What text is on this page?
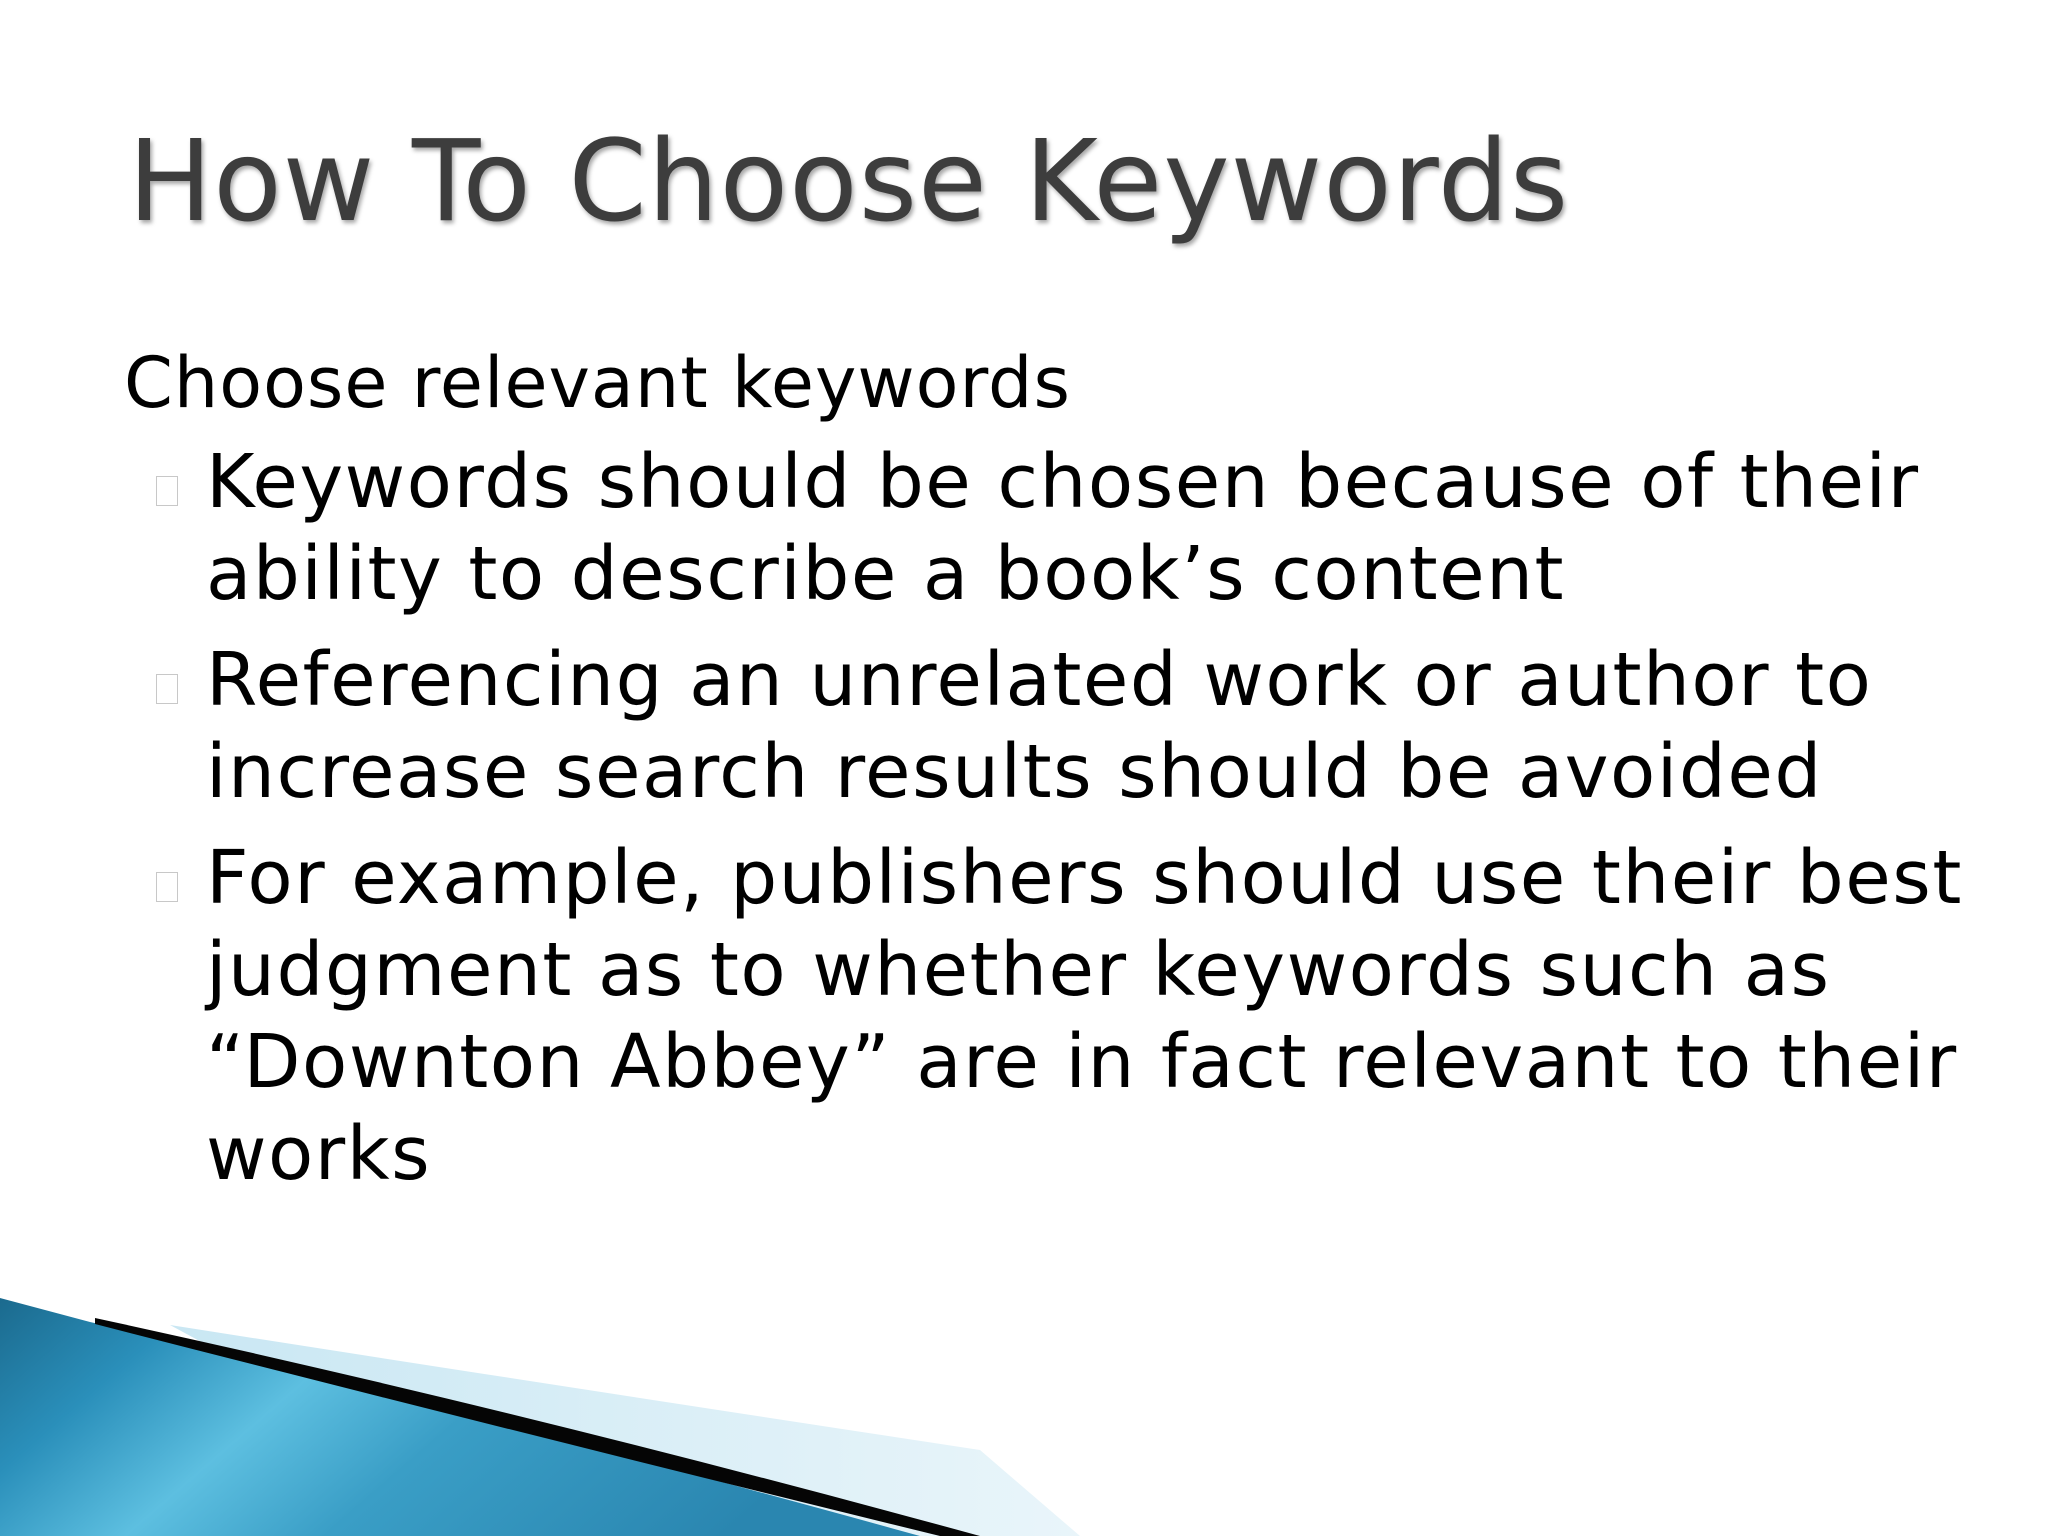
How To Choose Keywords

Choose relevant keywords

Keywords should be chosen because of their ability to describe a book’s content
Referencing an unrelated work or author to increase search results should be avoided
For example, publishers should use their best judgment as to whether keywords such as “Downton Abbey” are in fact relevant to their works
